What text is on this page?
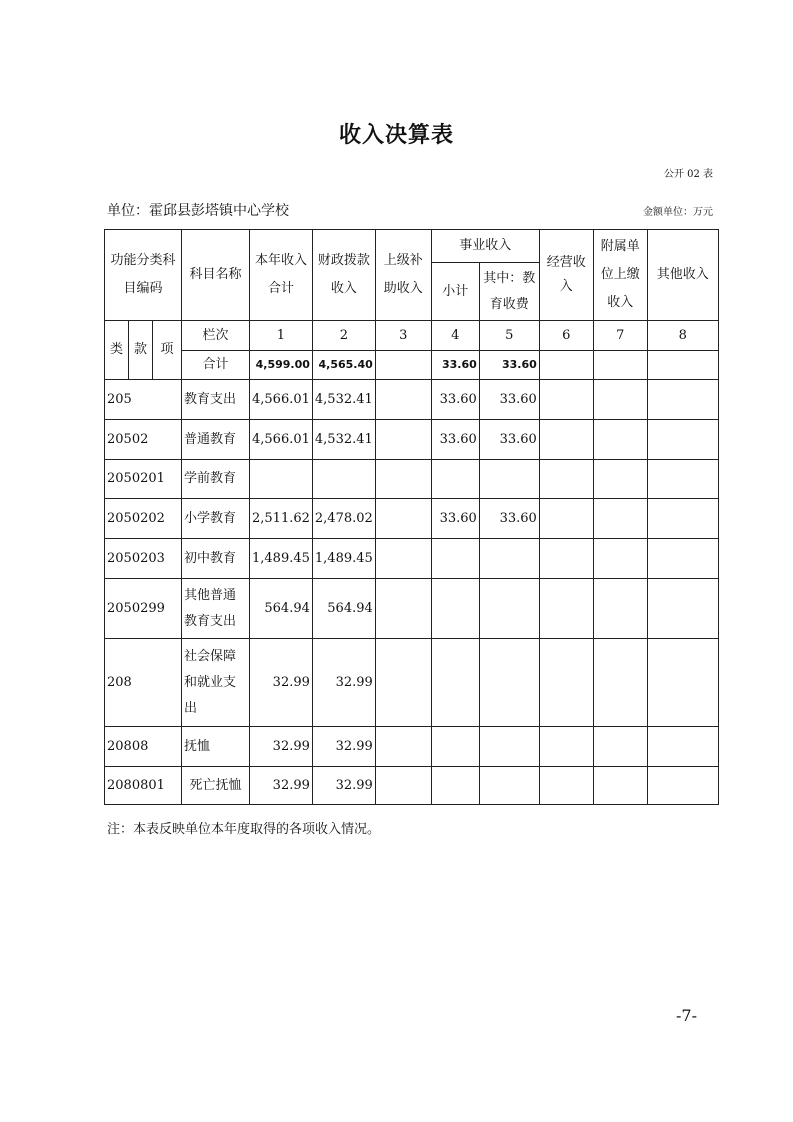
收入决算表
公开 02 表
单位：霍邱县彭塔镇中心学校	金额单位：万元
功能分类科目编码			科目名称	本年收入合计	财政拨款收入	上级补助收入	事业收入		经营收入	附属单位上缴收入	其他收入
							小计	其中：教育收费			
类	款	项	栏次	1	2	3	4	5	6	7	8
			合计	4,599.00	4,565.40		33.60	33.60			
205			教育支出	4,566.01	4,532.41		33.60	33.60			
20502			普通教育	4,566.01	4,532.41		33.60	33.60			
2050201			学前教育								
2050202			小学教育	2,511.62	2,478.02		33.60	33.60			
2050203			初中教育	1,489.45	1,489.45						
2050299			其他普通教育支出	564.94	564.94						
208			社会保障和就业支出	32.99	32.99						
20808			抚恤	32.99	32.99						
2080801			死亡抚恤	32.99	32.99						
注：本表反映单位本年度取得的各项收入情况。
-7-
